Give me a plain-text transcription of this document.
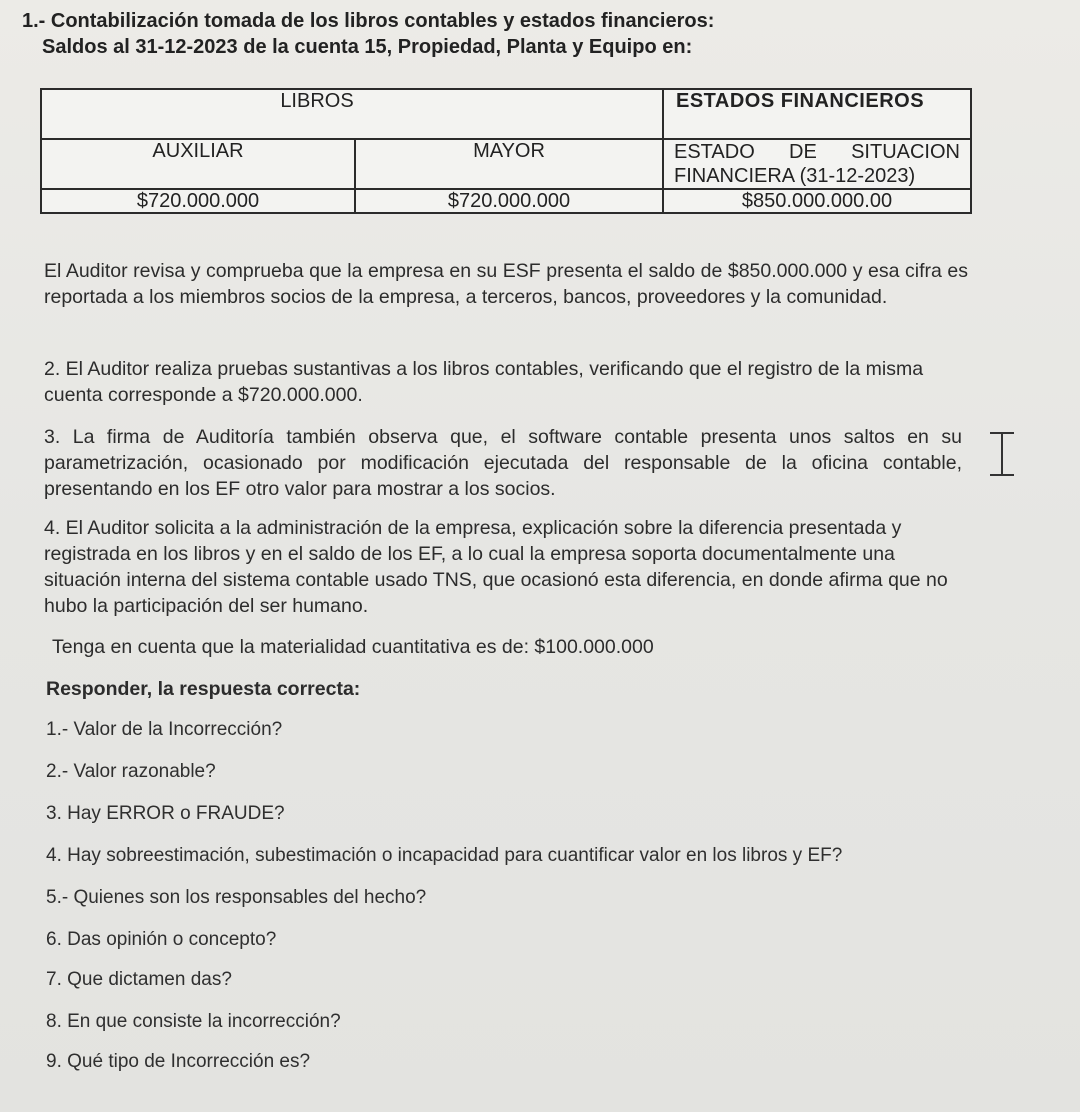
1.- Contabilización tomada de los libros contables y estados financieros:
Saldos al 31-12-2023 de la cuenta 15, Propiedad, Planta y Equipo en:
LIBROS		ESTADOS FINANCIEROS
AUXILIAR	MAYOR	ESTADO DE SITUACION
FINANCIERA (31-12-2023)

$720.000.000	$720.000.000	$850.000.000.00
El Auditor revisa y comprueba que la empresa en su ESF presenta el saldo de $850.000.000 y esa cifra es reportada a los miembros socios de la empresa, a terceros, bancos, proveedores y la comunidad.
2. El Auditor realiza pruebas sustantivas a los libros contables, verificando que el registro de la misma cuenta corresponde a $720.000.000.
3. La firma de Auditoría también observa que, el software contable presenta unos saltos en su parametrización, ocasionado por modificación ejecutada del responsable de la oficina contable, presentando en los EF otro valor para mostrar a los socios.
4. El Auditor solicita a la administración de la empresa, explicación sobre la diferencia presentada y registrada en los libros y en el saldo de los EF, a lo cual la empresa soporta documentalmente una situación interna del sistema contable usado TNS, que ocasionó esta diferencia, en donde afirma que no hubo la participación del ser humano.
Tenga en cuenta que la materialidad cuantitativa es de: $100.000.000
Responder, la respuesta correcta:
1.- Valor de la Incorrección?
2.- Valor razonable?
3. Hay ERROR o FRAUDE?
4. Hay sobreestimación, subestimación o incapacidad para cuantificar valor en los libros y EF?
5.- Quienes son los responsables del hecho?
6. Das opinión o concepto?
7. Que dictamen das?
8. En que consiste la incorrección?
9. Qué tipo de Incorrección es?
